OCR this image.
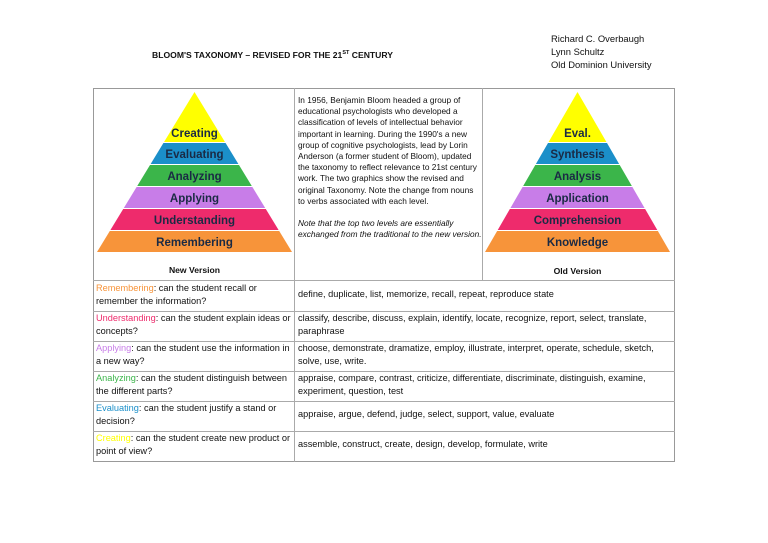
Richard C. Overbaugh
Lynn Schultz
Old Dominion University
BLOOM'S TAXONOMY – REVISED FOR THE 21ST CENTURY
Creating
Evaluating
Analyzing
Applying
Understanding
Remembering
New Version
Eval.
Synthesis
Analysis
Application
Comprehension
Knowledge
Old Version

In 1956, Benjamin Bloom headed a group of educational psychologists who developed a classification of levels of intellectual behavior important in learning. During the 1990's a new group of cognitive psychologists, lead by Lorin Anderson (a former student of Bloom), updated the taxonomy to reflect relevance to 21st century work. The two graphics show the revised and original Taxonomy. Note the change from nouns to verbs associated with each level.

Note that the top two levels are essentially exchanged from the traditional to the new version.

Remembering: can the student recall or remember the information?
define, duplicate, list, memorize, recall, repeat, reproduce state
Understanding: can the student explain ideas or concepts?
classify, describe, discuss, explain, identify, locate, recognize, report, select, translate, paraphrase
Applying: can the student use the information in a new way?
choose, demonstrate, dramatize, employ, illustrate, interpret, operate, schedule, sketch, solve, use, write.
Analyzing: can the student distinguish between the different parts?
appraise, compare, contrast, criticize, differentiate, discriminate, distinguish, examine, experiment, question, test
Evaluating: can the student justify a stand or decision?
appraise, argue, defend, judge, select, support, value, evaluate
Creating: can the student create new product or point of view?
assemble, construct, create, design, develop, formulate, write
